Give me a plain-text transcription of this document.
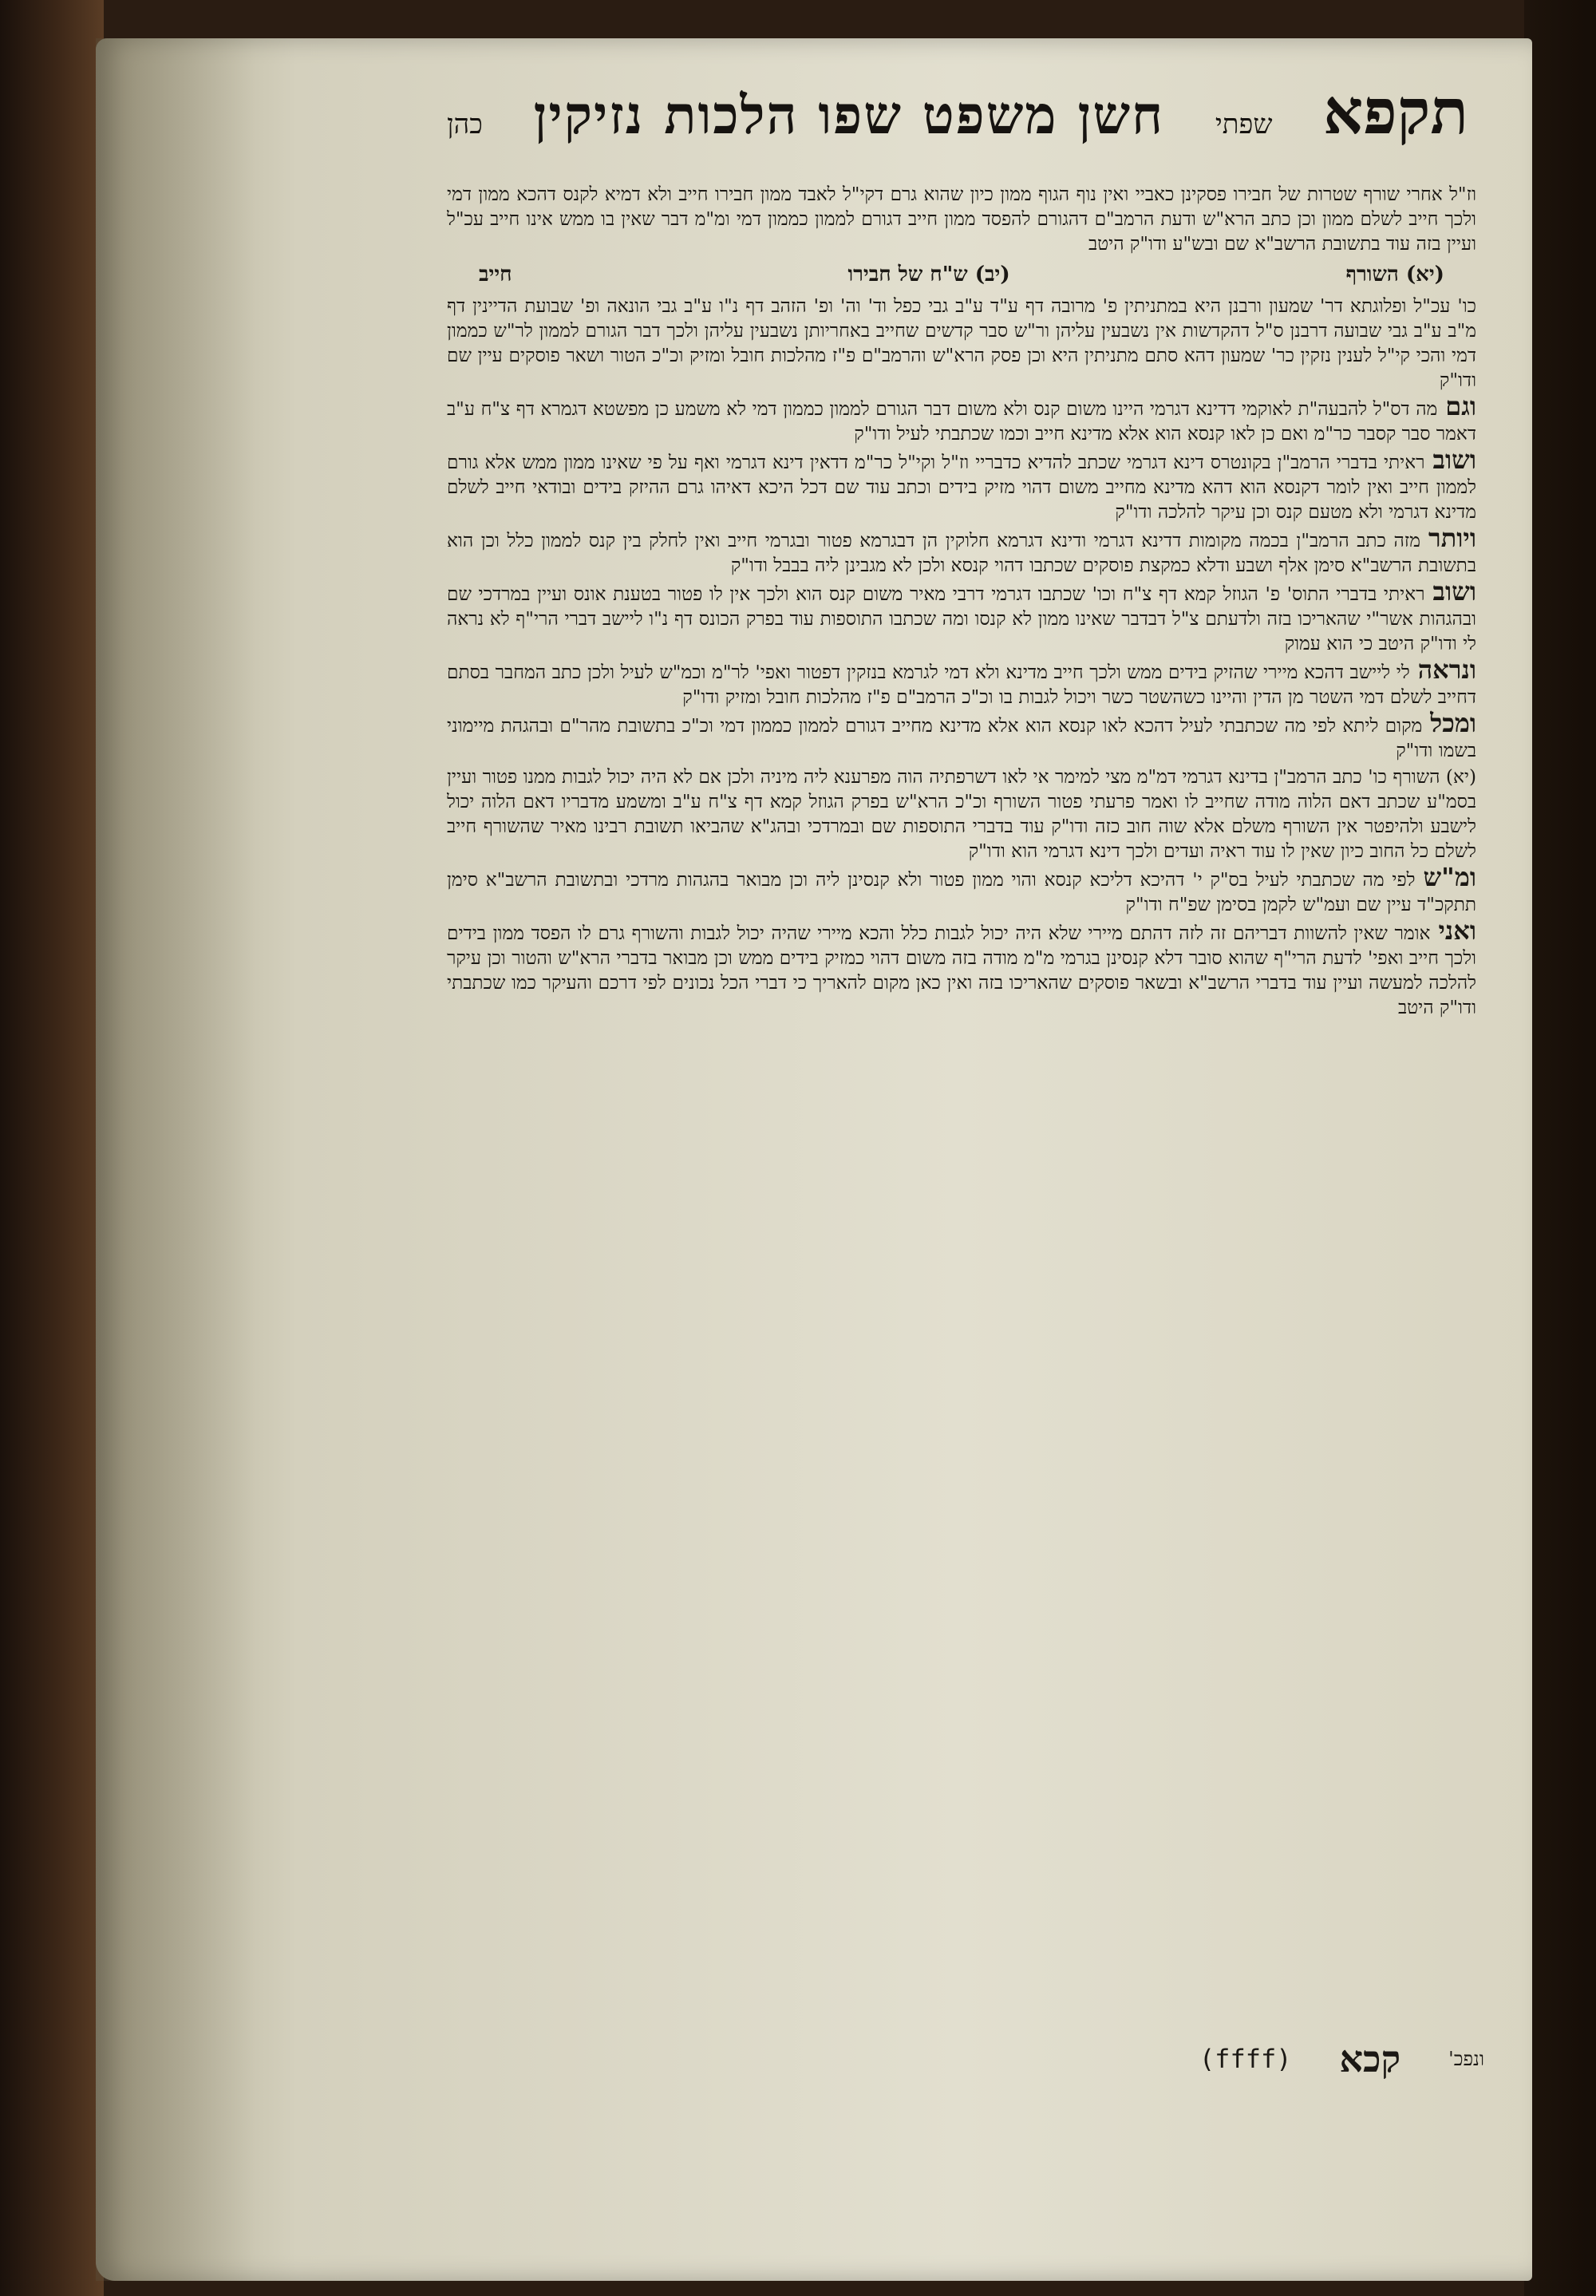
תקפא
שפתי
חשן משפט שפו הלכות נזיקין
כהן

וז"ל אחרי שורף שטרות של חבירו פסקינן כאביי ואין נוף הגוף ממון כיון שהוא גרם דקי"ל לאבד ממון חבירו חייב ולא דמיא לקנס דהכא ממון דמי ולכך חייב לשלם ממון וכן כתב הרא"ש ודעת הרמב"ם דהגורם להפסד ממון חייב דגורם לממון כממון דמי ומ"מ דבר שאין בו ממש אינו חייב עכ"ל ועיין בזה עוד בתשובת הרשב"א שם ובש"ע ודו"ק היטב

(יא) השורף
(יב) ש"ח של חבירו
חייב

כו' עכ"ל ופלוגתא דר' שמעון ורבנן היא במתניתין פ' מרובה דף ע"ד ע"ב גבי כפל וד' וה' ופ' הזהב דף נ"ו ע"ב גבי הונאה ופ' שבועת הדיינין דף מ"ב ע"ב גבי שבועה דרבנן ס"ל דהקדשות אין נשבעין עליהן ור"ש סבר קדשים שחייב באחריותן נשבעין עליהן ולכך דבר הגורם לממון לר"ש כממון דמי והכי קי"ל לענין נזקין כר' שמעון דהא סתם מתניתין היא וכן פסק הרא"ש והרמב"ם פ"ז מהלכות חובל ומזיק וכ"כ הטור ושאר פוסקים עיין שם ודו"ק

וגםמה דס"ל להבעה"ת לאוקמי דדינא דגרמי היינו משום קנס ולא משום דבר הגורם לממון כממון דמי לא משמע כן מפשטא דגמרא דף צ"ח ע"ב דאמר סבר קסבר כר"מ ואם כן לאו קנסא הוא אלא מדינא חייב וכמו שכתבתי לעיל ודו"ק

ושובראיתי בדברי הרמב"ן בקונטרס דינא דגרמי שכתב להדיא כדבריי וז"ל וקי"ל כר"מ דדאין דינא דגרמי ואף על פי שאינו ממון ממש אלא גורם לממון חייב ואין לומר דקנסא הוא דהא מדינא מחייב משום דהוי מזיק בידים וכתב עוד שם דכל היכא דאיהו גרם ההיזק בידים ובודאי חייב לשלם מדינא דגרמי ולא מטעם קנס וכן עיקר להלכה ודו"ק

ויותרמזה כתב הרמב"ן בכמה מקומות דדינא דגרמי ודינא דגרמא חלוקין הן דבגרמא פטור ובגרמי חייב ואין לחלק בין קנס לממון כלל וכן הוא בתשובת הרשב"א סימן אלף ושבע ודלא כמקצת פוסקים שכתבו דהוי קנסא ולכן לא מגבינן ליה בבבל ודו"ק

ושובראיתי בדברי התוס' פ' הגוזל קמא דף צ"ח וכו' שכתבו דגרמי דרבי מאיר משום קנס הוא ולכך אין לו פטור בטענת אונס ועיין במרדכי שם ובהגהות אשר"י שהאריכו בזה ולדעתם צ"ל דבדבר שאינו ממון לא קנסו ומה שכתבו התוספות עוד בפרק הכונס דף נ"ו ליישב דברי הרי"ף לא נראה לי ודו"ק היטב כי הוא עמוק

ונראהלי ליישב דהכא מיירי שהזיק בידים ממש ולכך חייב מדינא ולא דמי לגרמא בנזקין דפטור ואפי' לר"מ וכמ"ש לעיל ולכן כתב המחבר בסתם דחייב לשלם דמי השטר מן הדין והיינו כשהשטר כשר ויכול לגבות בו וכ"כ הרמב"ם פ"ז מהלכות חובל ומזיק ודו"ק

ומכלמקום ליתא לפי מה שכתבתי לעיל דהכא לאו קנסא הוא אלא מדינא מחייב דגורם לממון כממון דמי וכ"כ בתשובת מהר"ם ובהגהת מיימוני בשמו ודו"ק

(יא) השורף כו' כתב הרמב"ן בדינא דגרמי דמ"מ מצי למימר אי לאו דשרפתיה הוה מפרענא ליה מיניה ולכן אם לא היה יכול לגבות ממנו פטור ועיין בסמ"ע שכתב דאם הלוה מודה שחייב לו ואמר פרעתי פטור השורף וכ"כ הרא"ש בפרק הגוזל קמא דף צ"ח ע"ב ומשמע מדבריו דאם הלוה יכול לישבע ולהיפטר אין השורף משלם אלא שוה חוב כזה ודו"ק עוד בדברי התוספות שם ובמרדכי ובהג"א שהביאו תשובת רבינו מאיר שהשורף חייב לשלם כל החוב כיון שאין לו עוד ראיה ועדים ולכך דינא דגרמי הוא ודו"ק

ומ"שלפי מה שכתבתי לעיל בס"ק י' דהיכא דליכא קנסא והוי ממון פטור ולא קנסינן ליה וכן מבואר בהגהות מרדכי ובתשובת הרשב"א סימן תתקכ"ד עיין שם ועמ"ש לקמן בסימן שפ"ח ודו"ק

ואניאומר שאין להשוות דבריהם זה לזה דהתם מיירי שלא היה יכול לגבות כלל והכא מיירי שהיה יכול לגבות והשורף גרם לו הפסד ממון בידים ולכך חייב ואפי' לדעת הרי"ף שהוא סובר דלא קנסינן בגרמי מ"מ מודה בזה משום דהוי כמזיק בידים ממש וכן מבואר בדברי הרא"ש והטור וכן עיקר להלכה למעשה ועיין עוד בדברי הרשב"א ובשאר פוסקים שהאריכו בזה ואין כאן מקום להאריך כי דברי הכל נכונים לפי דרכם והעיקר כמו שכתבתי ודו"ק היטב

ונפכ'
קכא
(ffff)
